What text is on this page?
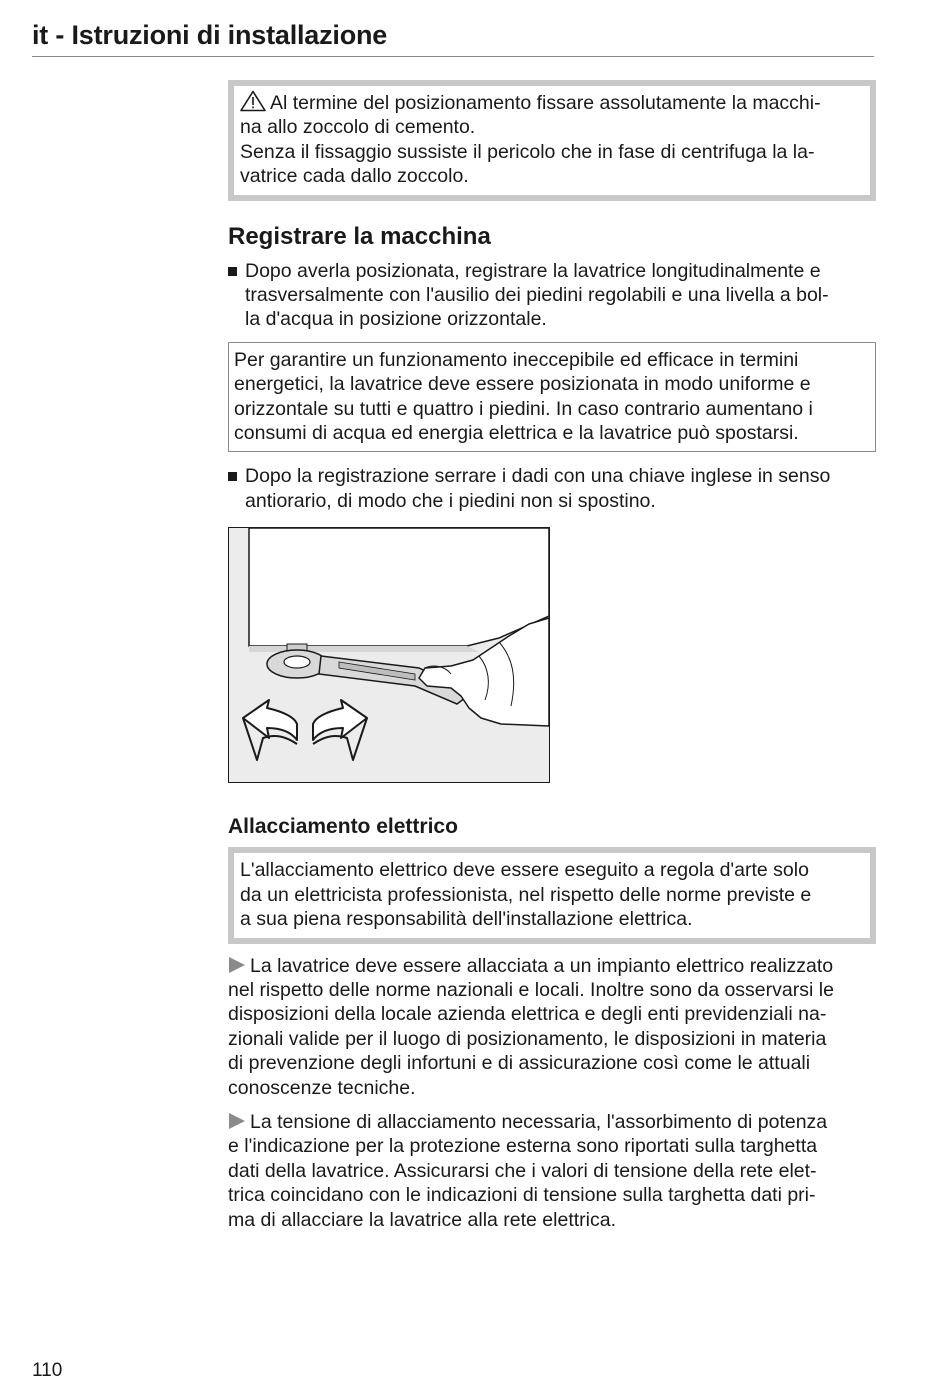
it - Istruzioni di installazione

Al termine del posizionamento fissare assolutamente la macchi-

na allo zoccolo di cemento.

Senza il fissaggio sussiste il pericolo che in fase di centrifuga la la-

vatrice cada dallo zoccolo.

Registrare la macchina

Dopo averla posizionata, registrare la lavatrice longitudinalmente e

trasversalmente con l'ausilio dei piedini regolabili e una livella a bol-

la d'acqua in posizione orizzontale.

Per garantire un funzionamento ineccepibile ed efficace in termini

energetici, la lavatrice deve essere posizionata in modo uniforme e

orizzontale su tutti e quattro i piedini. In caso contrario aumentano i

consumi di acqua ed energia elettrica e la lavatrice può spostarsi.

Dopo la registrazione serrare i dadi con una chiave inglese in senso

antiorario, di modo che i piedini non si spostino.

Allacciamento elettrico

L'allacciamento elettrico deve essere eseguito a regola d'arte solo

da un elettricista professionista, nel rispetto delle norme previste e

a sua piena responsabilità dell'installazione elettrica.

La lavatrice deve essere allacciata a un impianto elettrico realizzato

nel rispetto delle norme nazionali e locali. Inoltre sono da osservarsi le

disposizioni della locale azienda elettrica e degli enti previdenziali na-

zionali valide per il luogo di posizionamento, le disposizioni in materia

di prevenzione degli infortuni e di assicurazione così come le attuali

conoscenze tecniche.

La tensione di allacciamento necessaria, l'assorbimento di potenza

e l'indicazione per la protezione esterna sono riportati sulla targhetta

dati della lavatrice. Assicurarsi che i valori di tensione della rete elet-

trica coincidano con le indicazioni di tensione sulla targhetta dati pri-

ma di allacciare la lavatrice alla rete elettrica.

110
